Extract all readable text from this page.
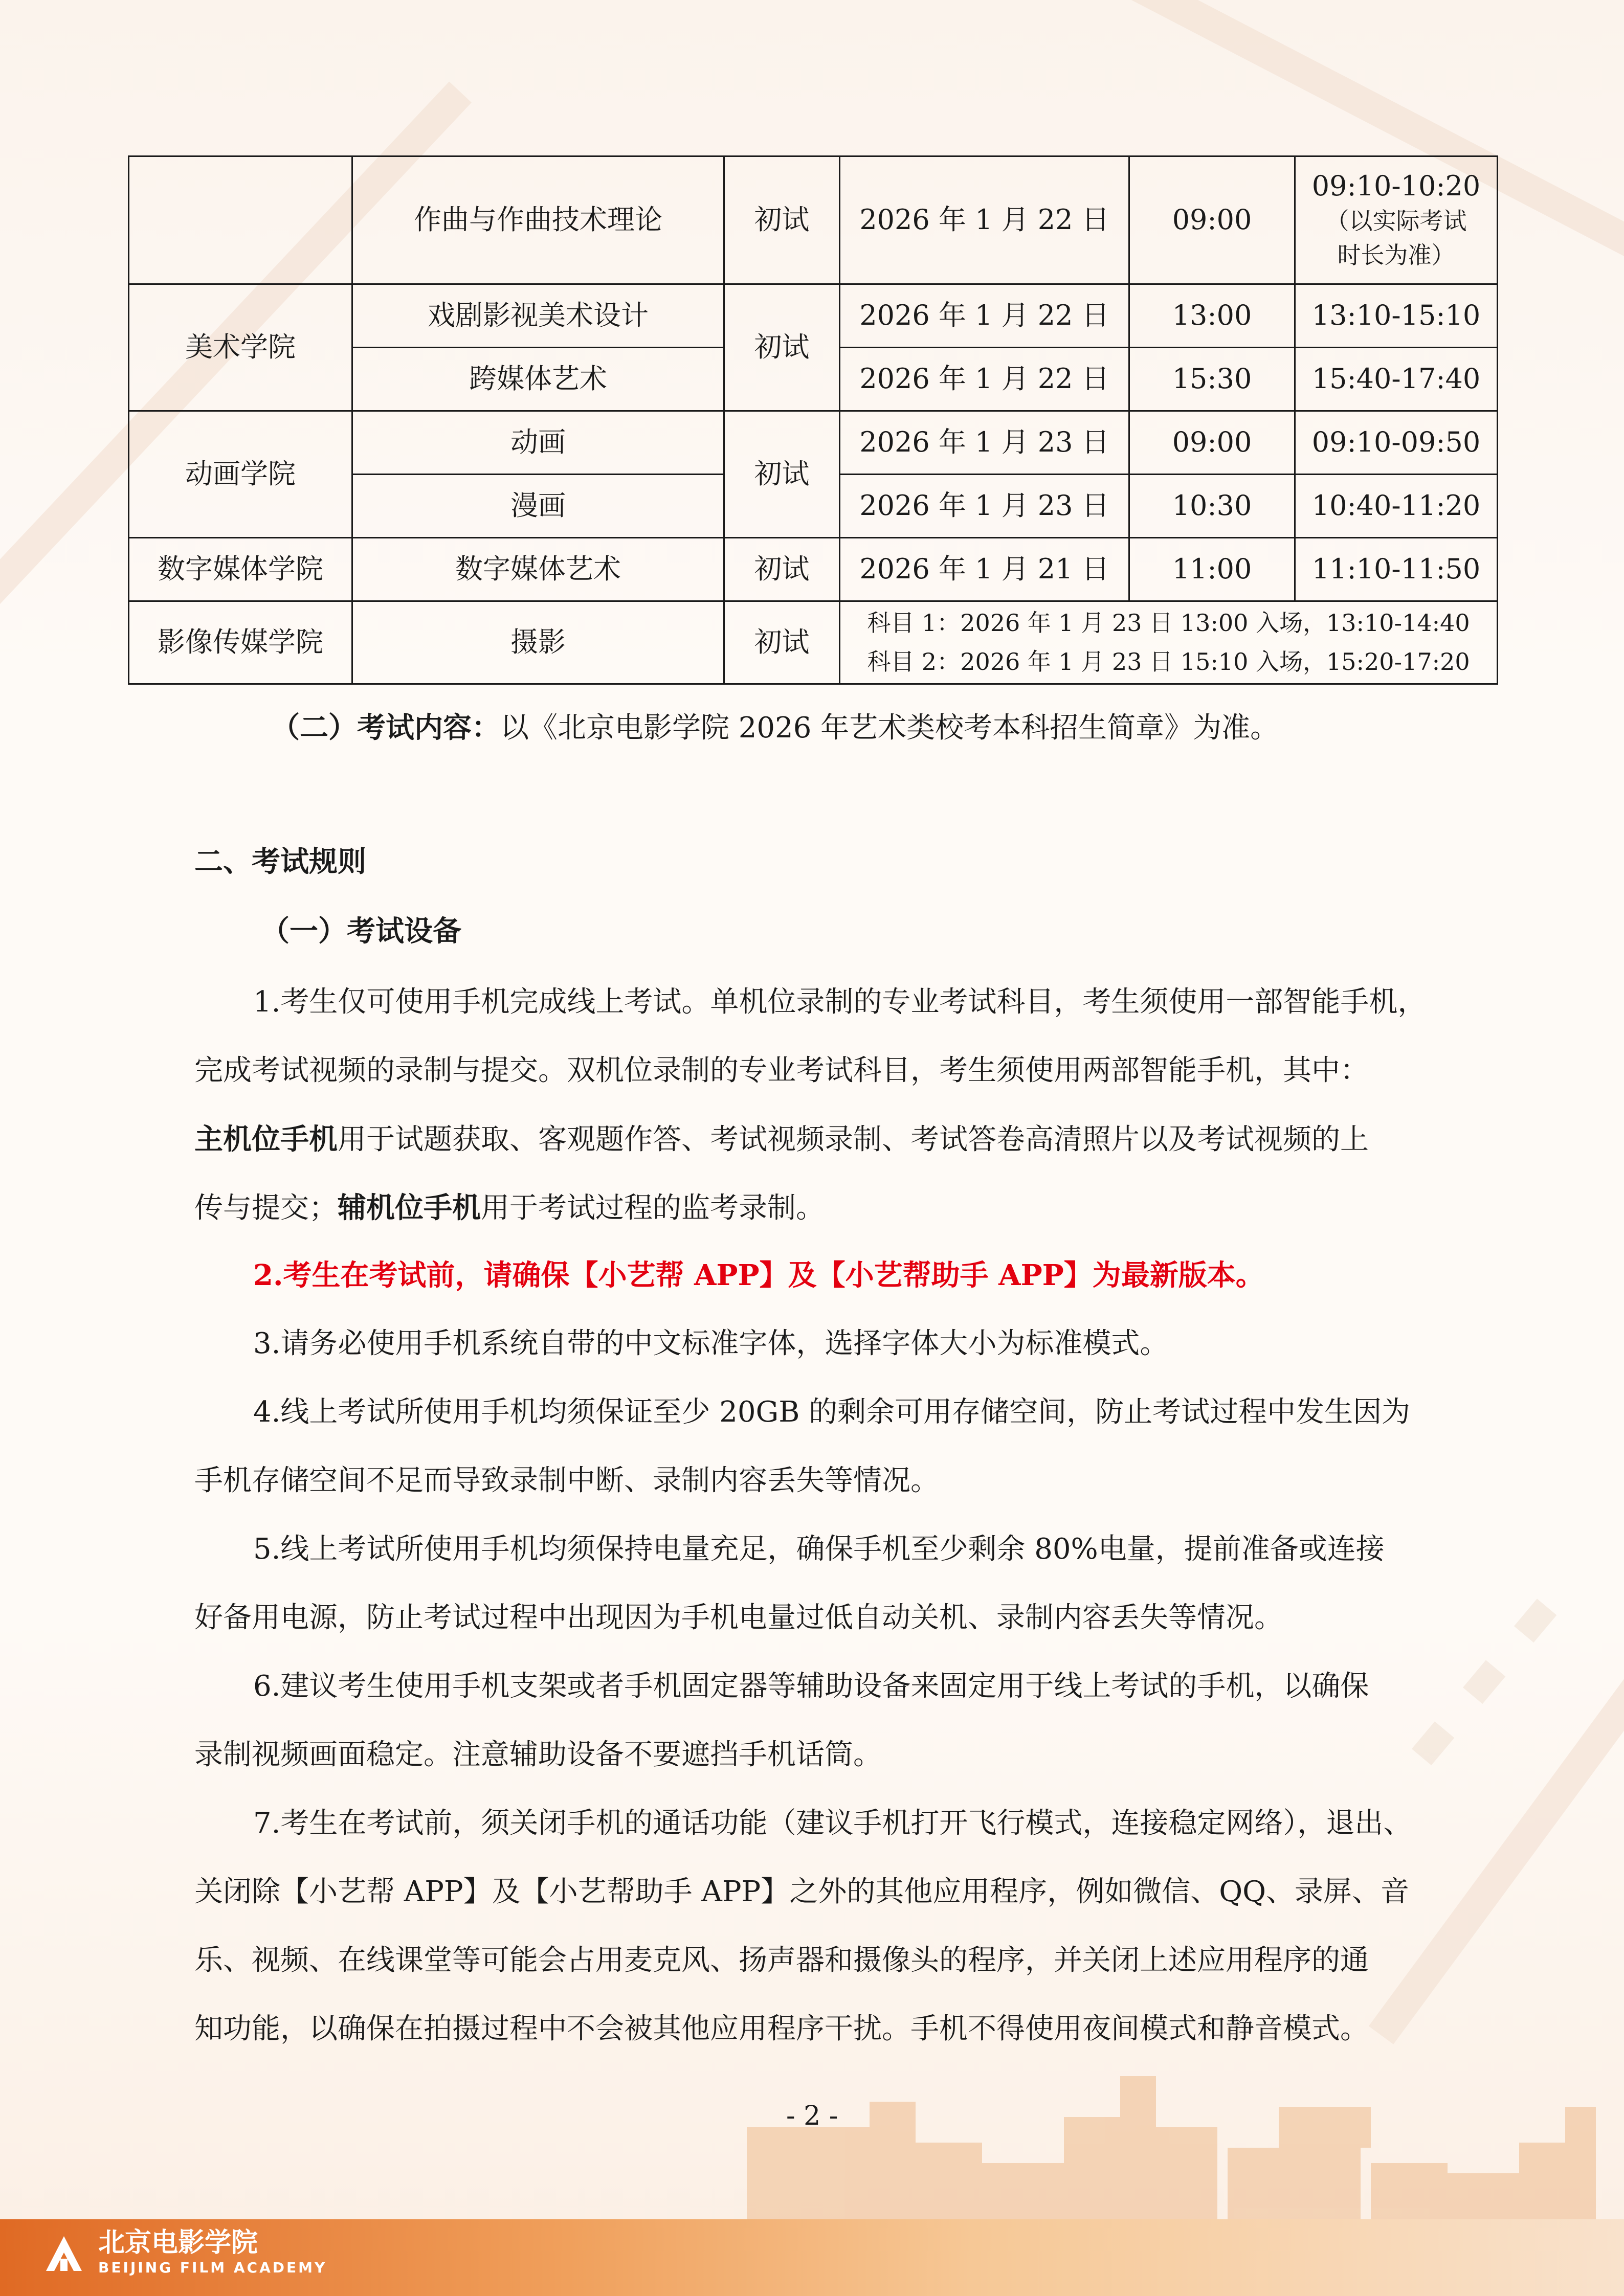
	作曲与作曲技术理论	初试	2026 年 1 月 22 日	09:00	09:10-10:20
（以实际考试
时长为准）

美术学院	戏剧影视美术设计	初试	2026 年 1 月 22 日	13:00	13:10-15:10
	跨媒体艺术		2026 年 1 月 22 日	15:30	15:40-17:40
动画学院	动画	初试	2026 年 1 月 23 日	09:00	09:10-09:50
	漫画		2026 年 1 月 23 日	10:30	10:40-11:20
数字媒体学院	数字媒体艺术	初试	2026 年 1 月 21 日	11:00	11:10-11:50
影像传媒学院	摄影	初试	科目 1：2026 年 1 月 23 日 13:00 入场，13:10-14:40
科目 2：2026 年 1 月 23 日 15:10 入场，15:20-17:20		
（二）考试内容：以《北京电影学院 2026 年艺术类校考本科招生简章》为准。
二、考试规则
（一）考试设备
1.考生仅可使用手机完成线上考试。单机位录制的专业考试科目，考生须使用一部智能手机，
完成考试视频的录制与提交。双机位录制的专业考试科目，考生须使用两部智能手机，其中：
主机位手机用于试题获取、客观题作答、考试视频录制、考试答卷高清照片以及考试视频的上
传与提交；辅机位手机用于考试过程的监考录制。
2.考生在考试前，请确保【小艺帮 APP】及【小艺帮助手 APP】为最新版本。
3.请务必使用手机系统自带的中文标准字体，选择字体大小为标准模式。
4.线上考试所使用手机均须保证至少 20GB 的剩余可用存储空间，防止考试过程中发生因为
手机存储空间不足而导致录制中断、录制内容丢失等情况。
5.线上考试所使用手机均须保持电量充足，确保手机至少剩余 80%电量，提前准备或连接
好备用电源，防止考试过程中出现因为手机电量过低自动关机、录制内容丢失等情况。
6.建议考生使用手机支架或者手机固定器等辅助设备来固定用于线上考试的手机，以确保
录制视频画面稳定。注意辅助设备不要遮挡手机话筒。
7.考生在考试前，须关闭手机的通话功能（建议手机打开飞行模式，连接稳定网络），退出、
关闭除【小艺帮 APP】及【小艺帮助手 APP】之外的其他应用程序，例如微信、QQ、录屏、音
乐、视频、在线课堂等可能会占用麦克风、扬声器和摄像头的程序，并关闭上述应用程序的通
知功能，以确保在拍摄过程中不会被其他应用程序干扰。手机不得使用夜间模式和静音模式。
- 2 -
北京电影学院
BEIJING FILM ACADEMY
